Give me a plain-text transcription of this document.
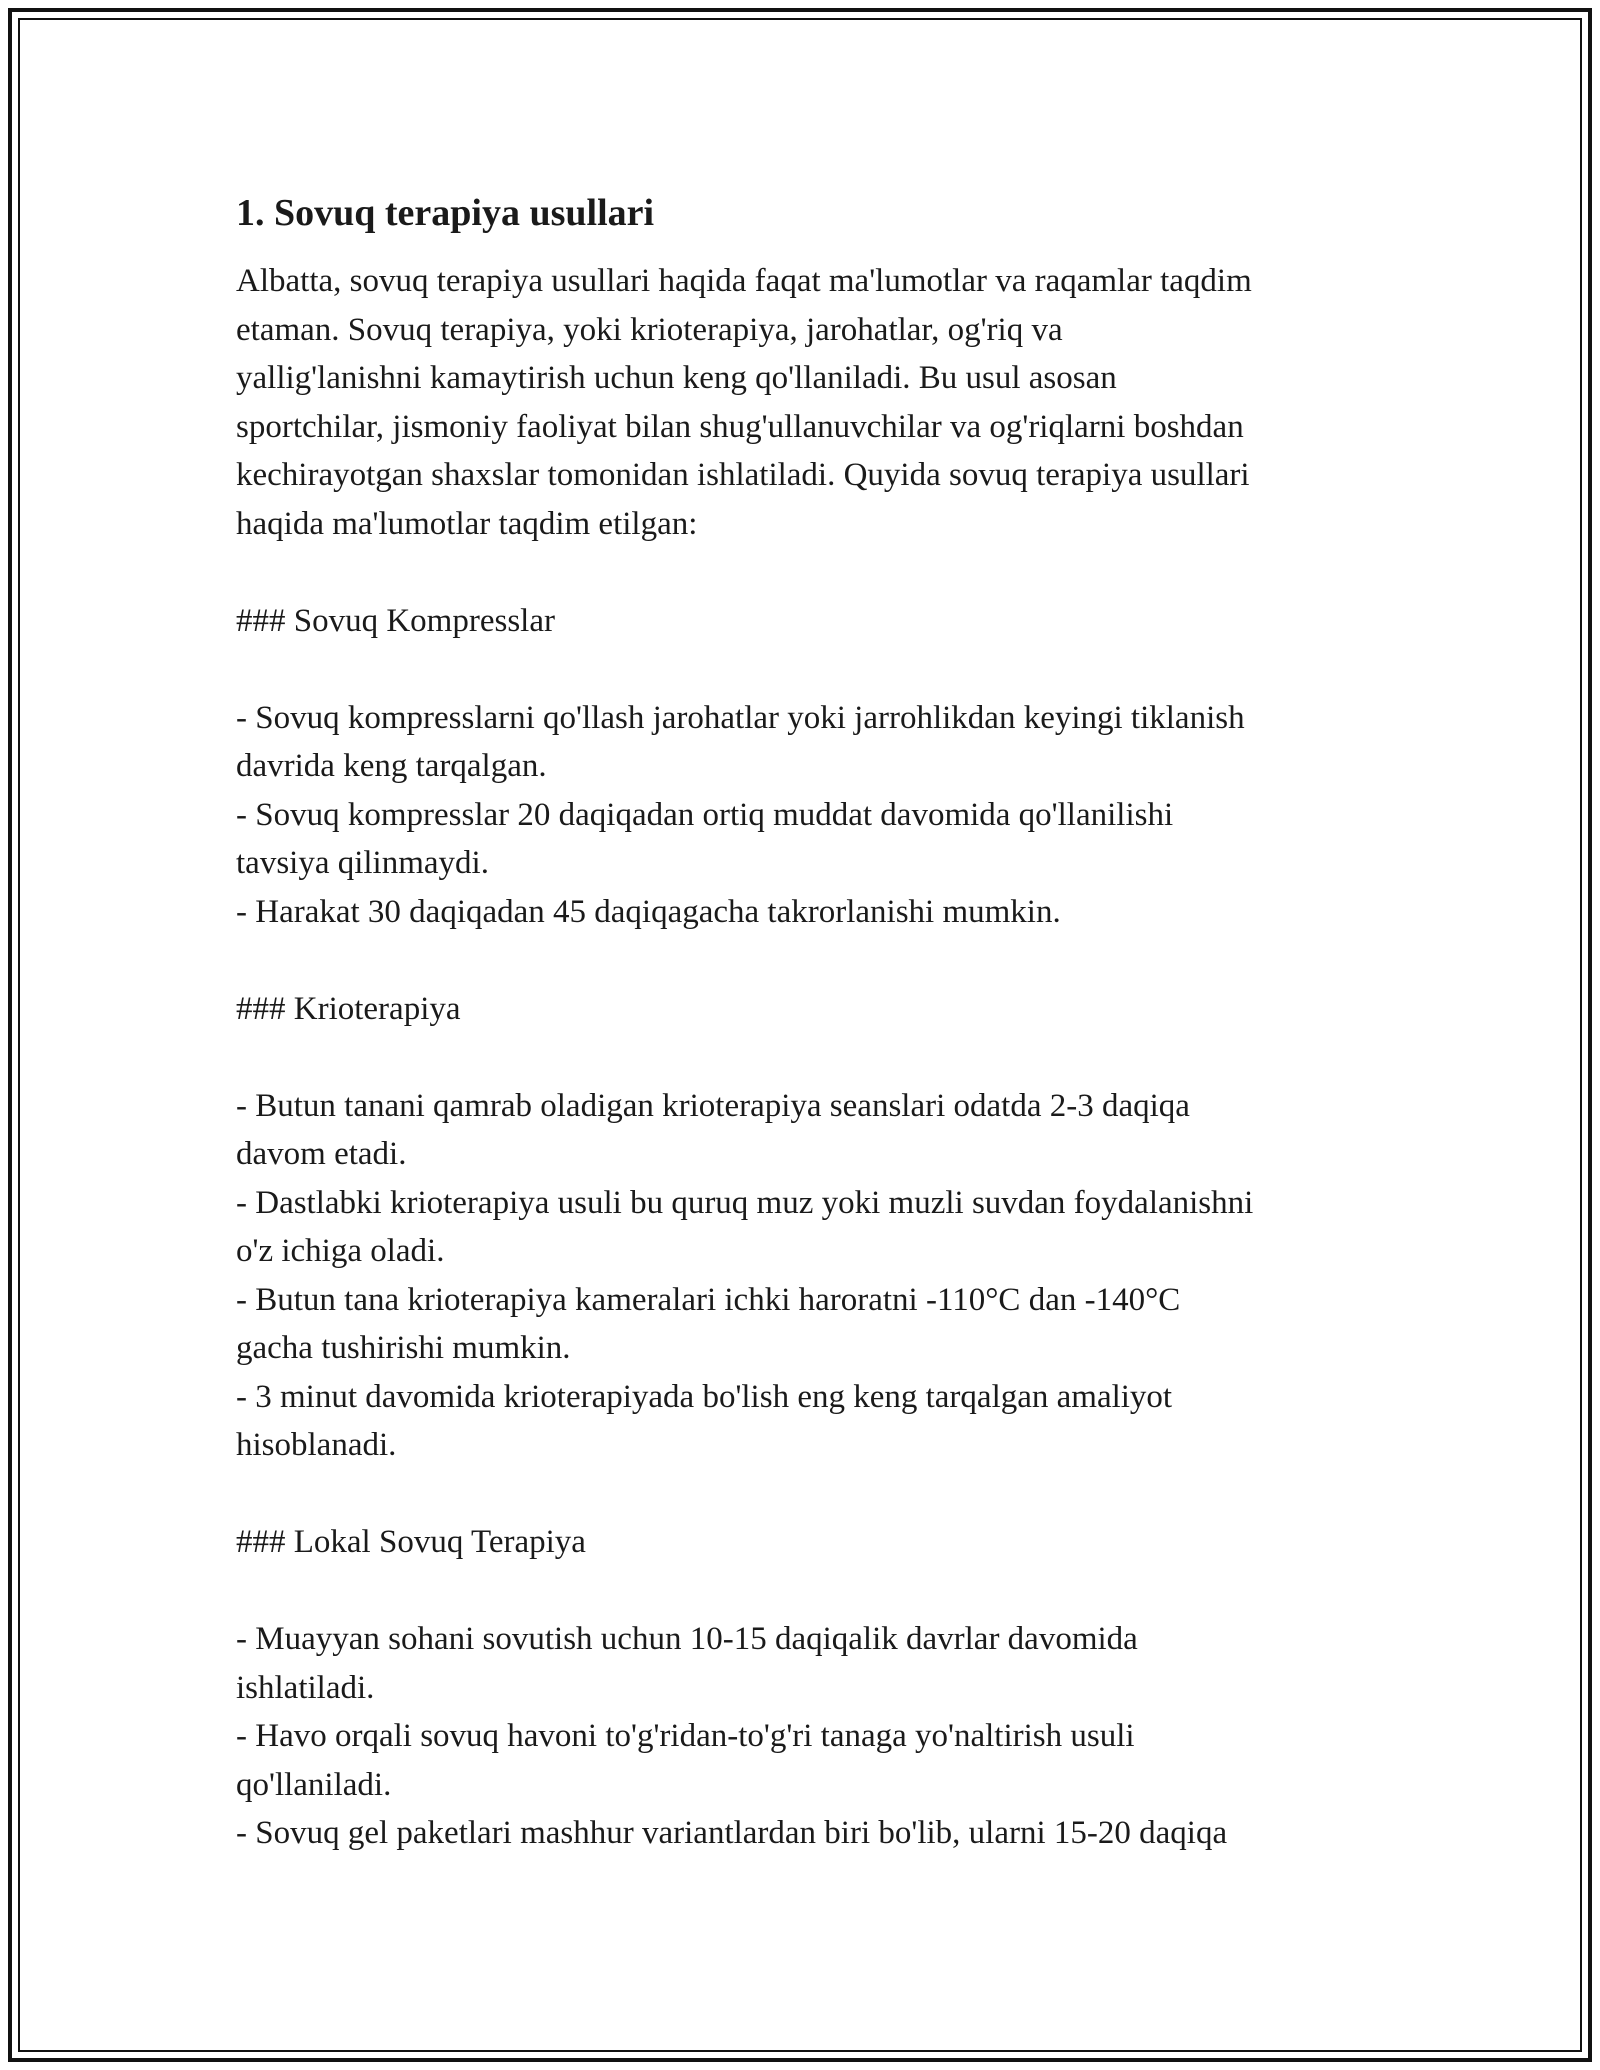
1. Sovuq terapiya usullari
Albatta, sovuq terapiya usullari haqida faqat ma'lumotlar va raqamlar taqdim
etaman. Sovuq terapiya, yoki krioterapiya, jarohatlar, og'riq va
yallig'lanishni kamaytirish uchun keng qo'llaniladi. Bu usul asosan
sportchilar, jismoniy faoliyat bilan shug'ullanuvchilar va og'riqlarni boshdan
kechirayotgan shaxslar tomonidan ishlatiladi. Quyida sovuq terapiya usullari
haqida ma'lumotlar taqdim etilgan:
### Sovuq Kompresslar
- Sovuq kompresslarni qo'llash jarohatlar yoki jarrohlikdan keyingi tiklanish
davrida keng tarqalgan.
- Sovuq kompresslar 20 daqiqadan ortiq muddat davomida qo'llanilishi
tavsiya qilinmaydi.
- Harakat 30 daqiqadan 45 daqiqagacha takrorlanishi mumkin.
### Krioterapiya
- Butun tanani qamrab oladigan krioterapiya seanslari odatda 2-3 daqiqa
davom etadi.
- Dastlabki krioterapiya usuli bu quruq muz yoki muzli suvdan foydalanishni
o'z ichiga oladi.
- Butun tana krioterapiya kameralari ichki haroratni -110°C dan -140°C
gacha tushirishi mumkin.
- 3 minut davomida krioterapiyada bo'lish eng keng tarqalgan amaliyot
hisoblanadi.
### Lokal Sovuq Terapiya
- Muayyan sohani sovutish uchun 10-15 daqiqalik davrlar davomida
ishlatiladi.
- Havo orqali sovuq havoni to'g'ridan-to'g'ri tanaga yo'naltirish usuli
qo'llaniladi.
- Sovuq gel paketlari mashhur variantlardan biri bo'lib, ularni 15-20 daqiqa
